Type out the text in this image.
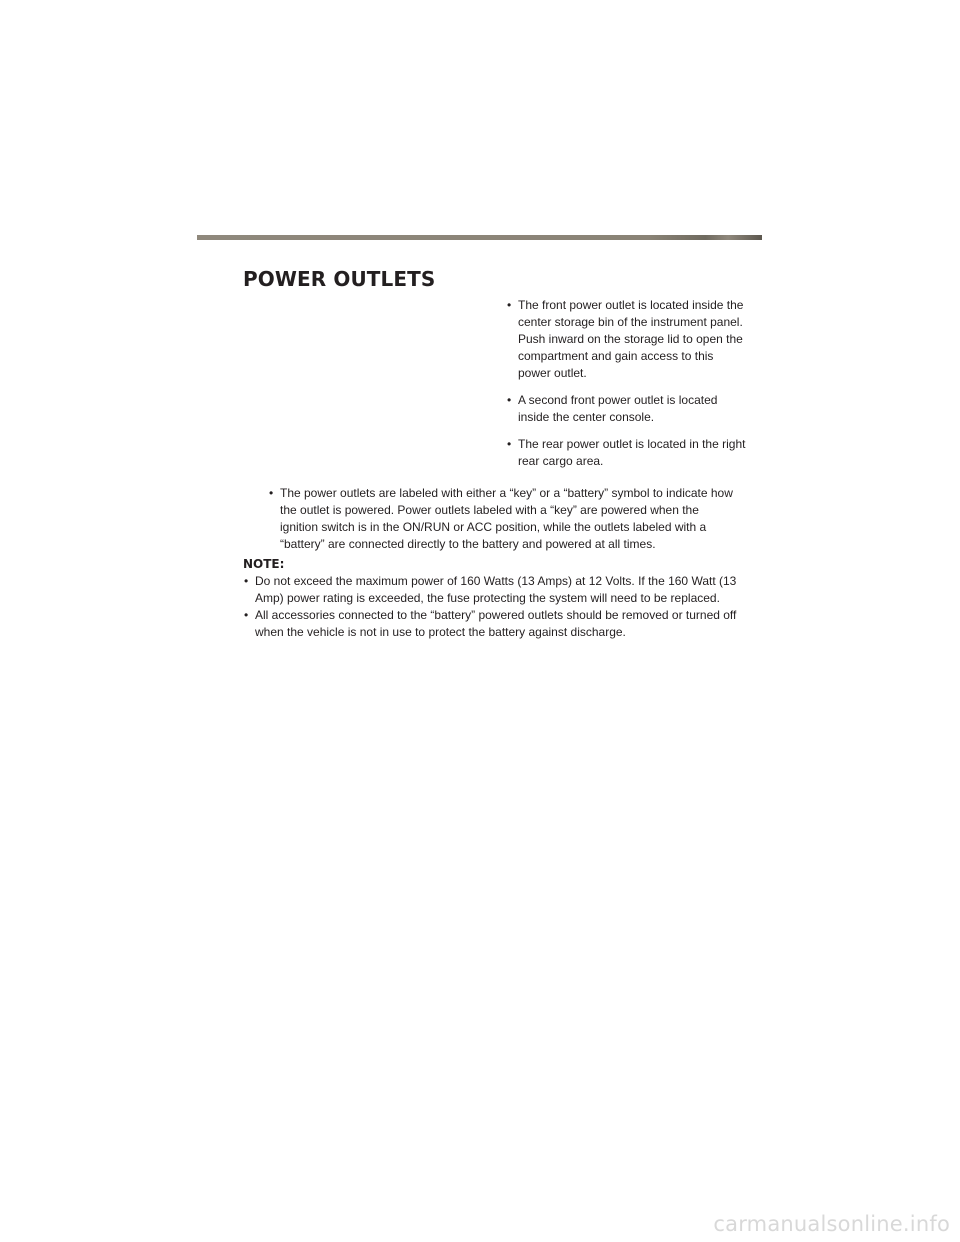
POWER OUTLETS
• The front power outlet is located inside the center storage bin of the instrument panel. Push inward on the storage lid to open the compartment and gain access to this power outlet.
• A second front power outlet is located inside the center console.
• The rear power outlet is located in the right rear cargo area.
• The power outlets are labeled with either a “key” or a “battery” symbol to indicate how the outlet is powered. Power outlets labeled with a “key” are powered when the ignition switch is in the ON/RUN or ACC position, while the outlets labeled with a “battery” are connected directly to the battery and powered at all times.

NOTE:

• Do not exceed the maximum power of 160 Watts (13 Amps) at 12 Volts. If the 160 Watt (13 Amp) power rating is exceeded, the fuse protecting the system will need to be replaced.
• All accessories connected to the “battery” powered outlets should be removed or turned off when the vehicle is not in use to protect the battery against discharge.

carmanualsonline.info
